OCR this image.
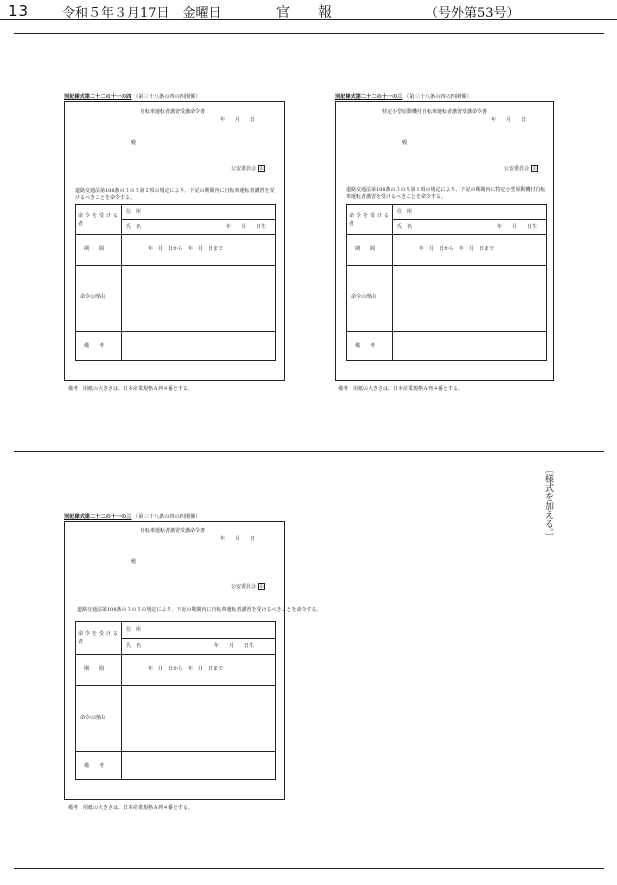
13	令和５年３月17日　金曜日	官　　報	（号外第53号）
〔様式を加える。〕
別記様式第二十二の十一の四 （第三十八条の四の四関係）
自転車運転者講習受講命令書
年　　月　　日
殿
公安委員会 印
道路交通法第108条の３の３第２項の規定により、下記の期間内に自転車運転者講習を受けるべきことを命令する。
命令を受ける者
住　所
氏　名	年　　月　　日生
期　　間	年　月　日から　年　月　日まで
命令の理由
備　　考
備考　用紙の大きさは、日本産業規格Ａ列４番とする。
別記様式第二十二の十一の三 （第三十八条の四の四関係）
特定小型原動機付自転車運転者講習受講命令書
年　　月　　日
殿
公安委員会 印
道路交通法第108条の３の５第１項の規定により、下記の期間内に特定小型原動機付自転車運転者講習を受けるべきことを命令する。
命令を受ける者
住　所
氏　名	年　　月　　日生
期　　間	年　月　日から　年　月　日まで
命令の理由
備　　考
備考　用紙の大きさは、日本産業規格Ａ列４番とする。
別記様式第二十二の十一の三 （第三十八条の四の四関係）
自転車運転者講習受講命令書
年　　月　　日
殿
公安委員会 印
道路交通法第108条の３の５の規定により、下記の期間内に自転車運転者講習を受けるべきことを命令する。
命令を受ける者
住　所
氏　名	年　　月　　日生
期　　間	年　月　日から　年　月　日まで
命令の理由
備　　考
備考　用紙の大きさは、日本産業規格Ａ列４番とする。
